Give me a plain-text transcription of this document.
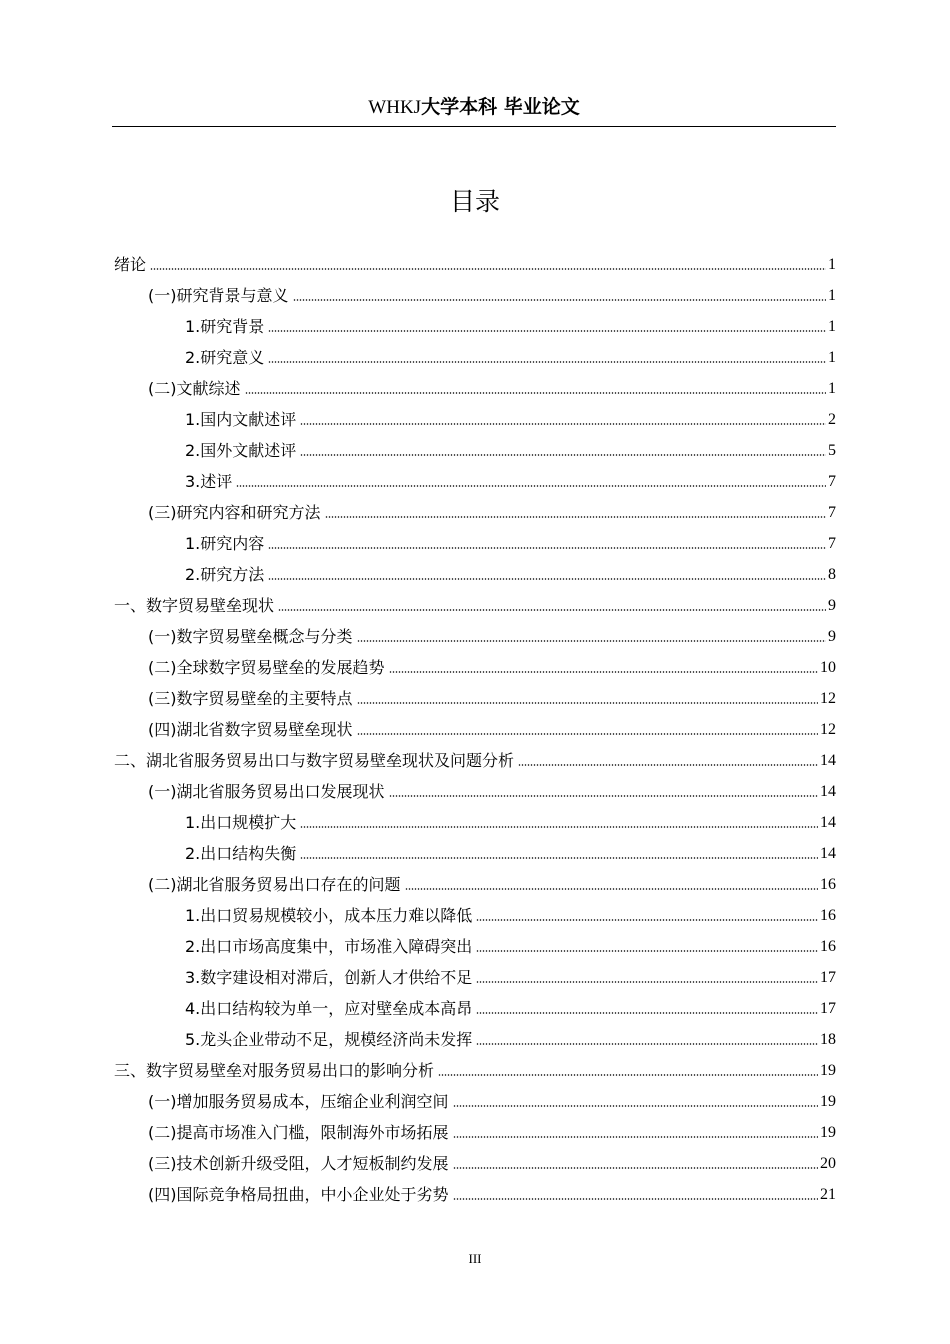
WHKJ大学本科 毕业论文
目录
绪论	1
(一)研究背景与意义	1
1.研究背景	1
2.研究意义	1
(二)文献综述	1
1.国内文献述评	2
2.国外文献述评	5
3.述评	7
(三)研究内容和研究方法	7
1.研究内容	7
2.研究方法	8
一、数字贸易壁垒现状	9
(一)数字贸易壁垒概念与分类	9
(二)全球数字贸易壁垒的发展趋势	10
(三)数字贸易壁垒的主要特点	12
(四)湖北省数字贸易壁垒现状	12
二、湖北省服务贸易出口与数字贸易壁垒现状及问题分析	14
(一)湖北省服务贸易出口发展现状	14
1.出口规模扩大	14
2.出口结构失衡	14
(二)湖北省服务贸易出口存在的问题	16
1.出口贸易规模较小，成本压力难以降低	16
2.出口市场高度集中，市场准入障碍突出	16
3.数字建设相对滞后，创新人才供给不足	17
4.出口结构较为单一，应对壁垒成本高昂	17
5.龙头企业带动不足，规模经济尚未发挥	18
三、数字贸易壁垒对服务贸易出口的影响分析	19
(一)增加服务贸易成本，压缩企业利润空间	19
(二)提高市场准入门槛，限制海外市场拓展	19
(三)技术创新升级受阻，人才短板制约发展	20
(四)国际竞争格局扭曲，中小企业处于劣势	21
III
